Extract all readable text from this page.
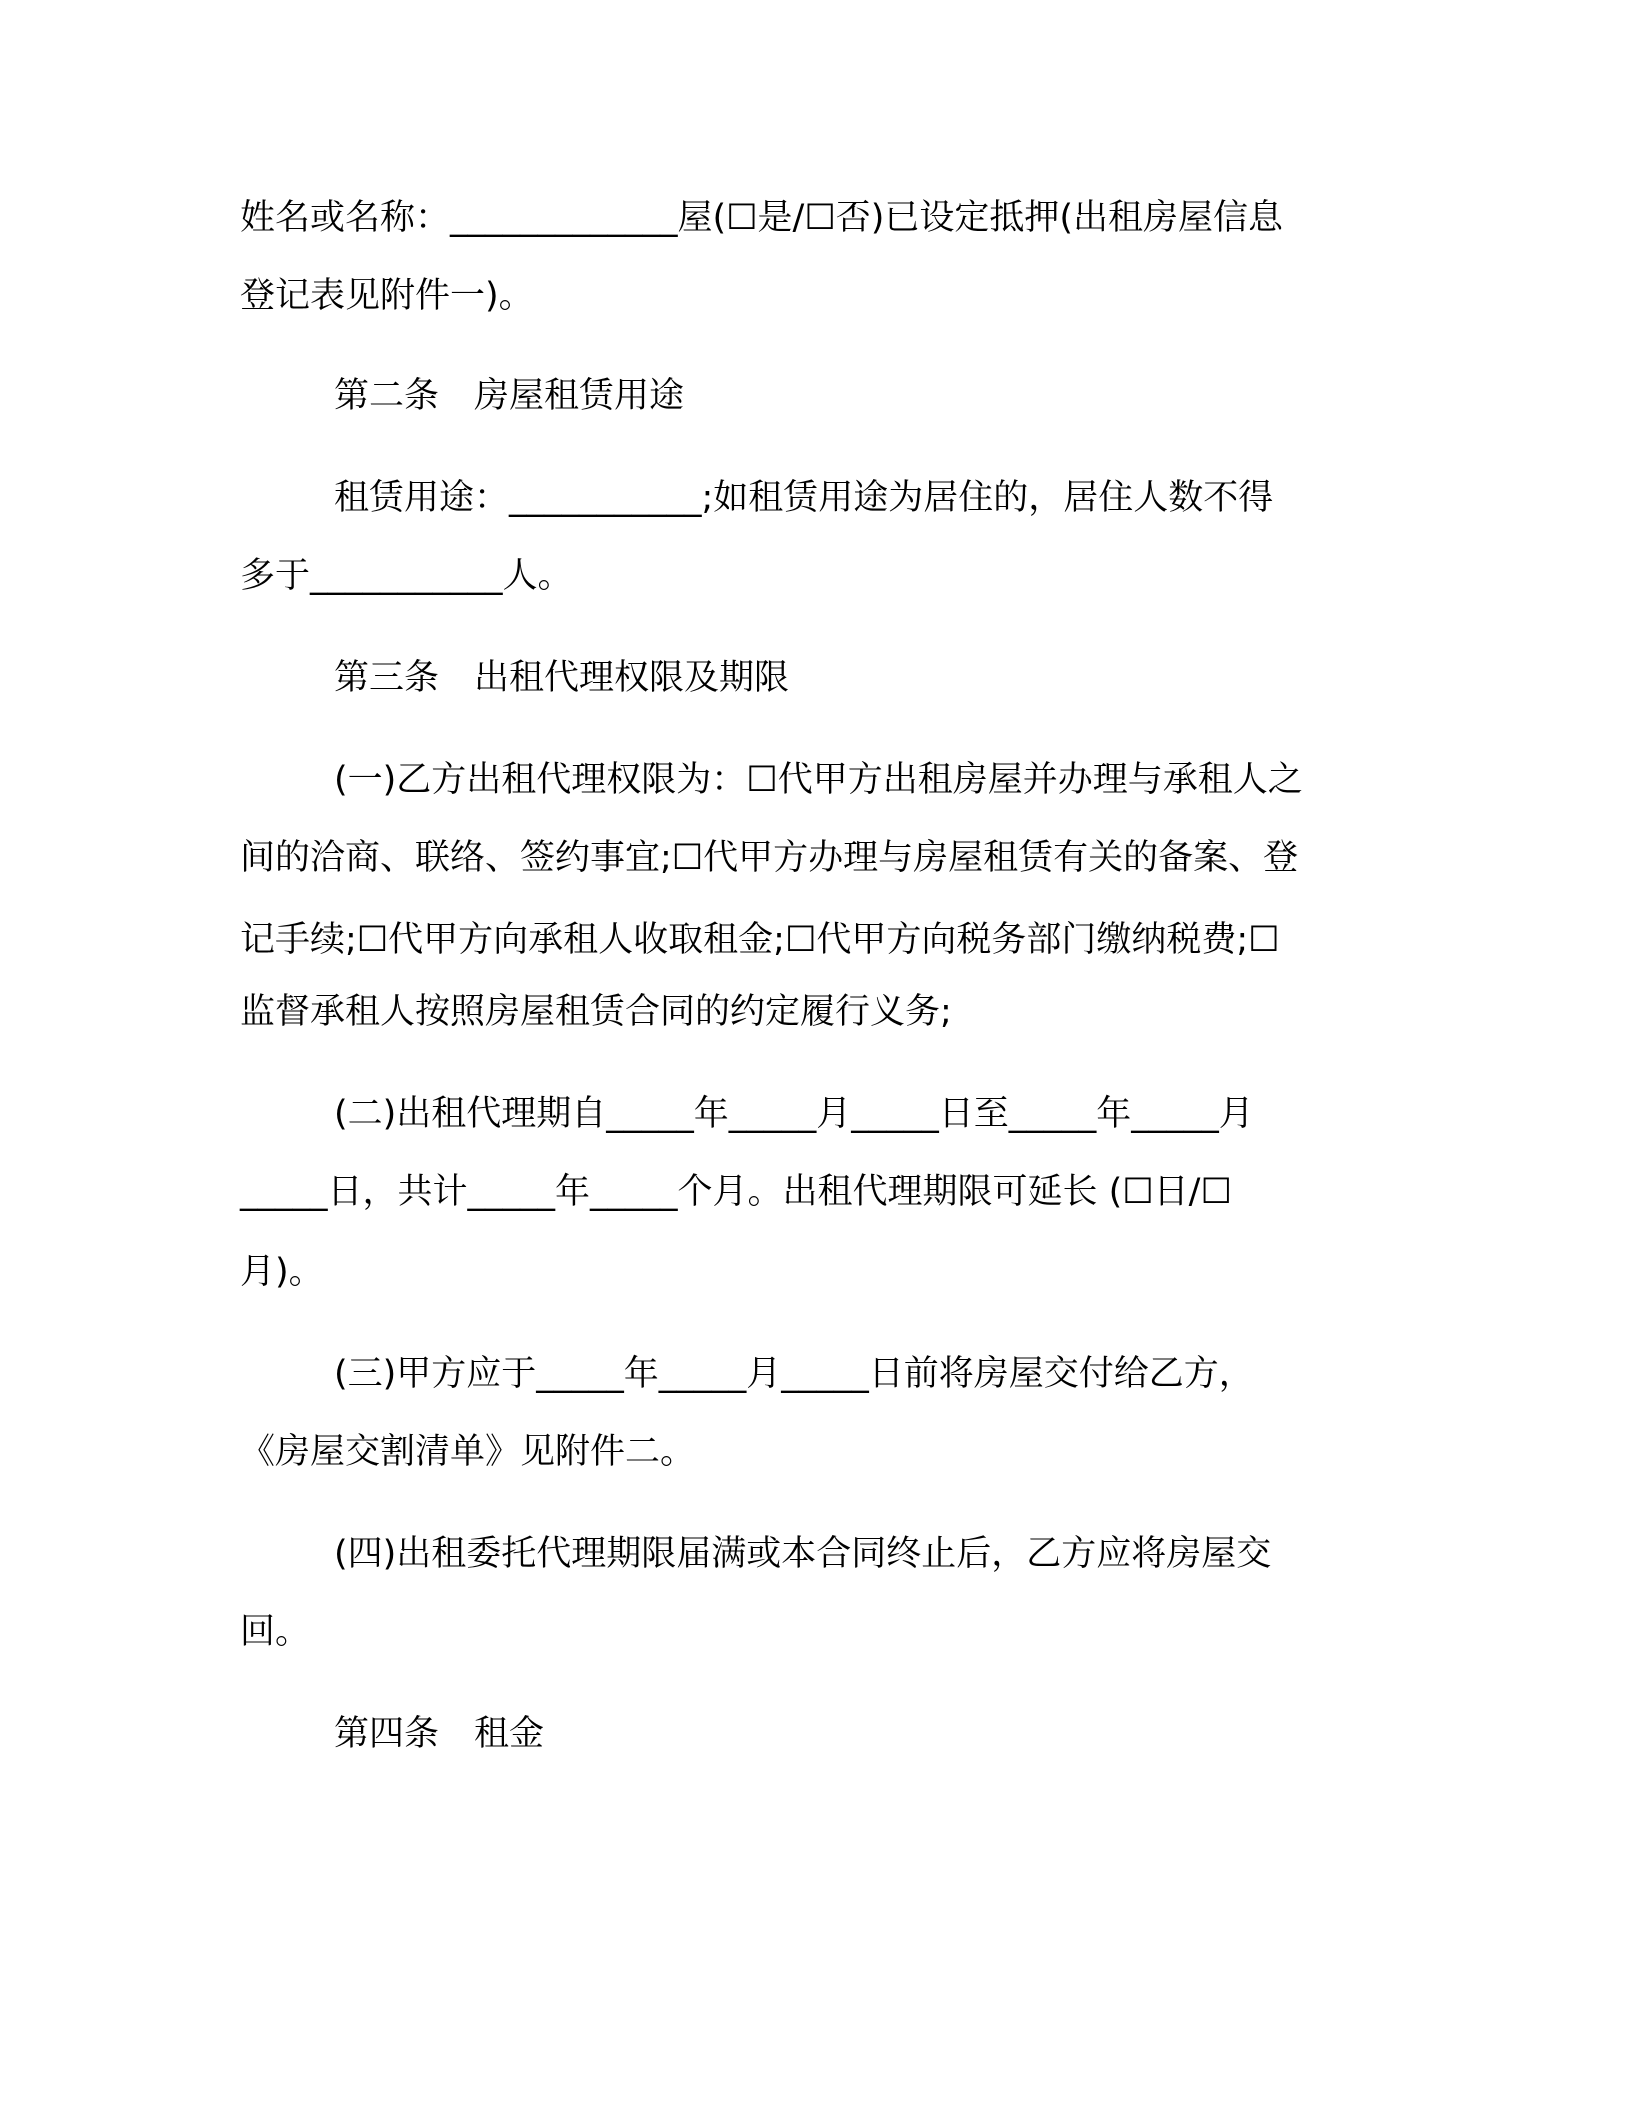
姓名或名称：_____________屋(☐是/☐否)已设定抵押(出租房屋信息

登记表见附件一)。

第二条　房屋租赁用途

租赁用途：___________;如租赁用途为居住的，居住人数不得

多于___________人。

第三条　出租代理权限及期限

(一)乙方出租代理权限为：☐代甲方出租房屋并办理与承租人之

间的洽商、联络、签约事宜;☐代甲方办理与房屋租赁有关的备案、登

记手续;☐代甲方向承租人收取租金;☐代甲方向税务部门缴纳税费;☐

监督承租人按照房屋租赁合同的约定履行义务;

(二)出租代理期自_____年_____月_____日至_____年_____月

_____日，共计_____年_____个月。出租代理期限可延长 (☐日/☐

月)。

(三)甲方应于_____年_____月_____日前将房屋交付给乙方，

《房屋交割清单》见附件二。

(四)出租委托代理期限届满或本合同终止后，乙方应将房屋交

回。

第四条　租金
